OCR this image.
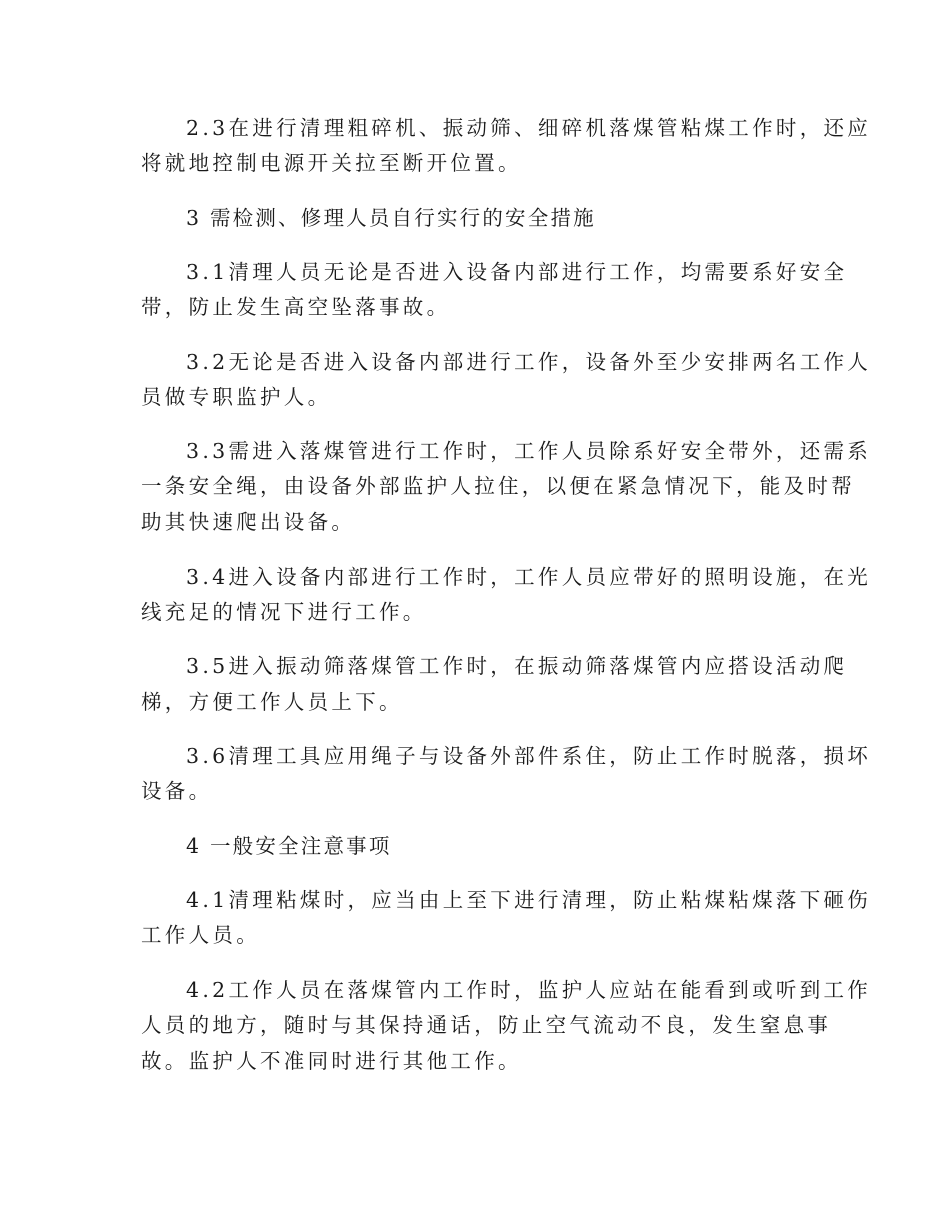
2.3在进行清理粗碎机、振动筛、细碎机落煤管粘煤工作时，还应

将就地控制电源开关拉至断开位置。

3 需检测、修理人员自行实行的安全措施

3.1清理人员无论是否进入设备内部进行工作，均需要系好安全

带，防止发生高空坠落事故。

3.2无论是否进入设备内部进行工作，设备外至少安排两名工作人

员做专职监护人。

3.3需进入落煤管进行工作时，工作人员除系好安全带外，还需系

一条安全绳，由设备外部监护人拉住，以便在紧急情况下，能及时帮

助其快速爬出设备。

3.4进入设备内部进行工作时，工作人员应带好的照明设施，在光

线充足的情况下进行工作。

3.5进入振动筛落煤管工作时，在振动筛落煤管内应搭设活动爬

梯，方便工作人员上下。

3.6清理工具应用绳子与设备外部件系住，防止工作时脱落，损坏

设备。

4 一般安全注意事项

4.1清理粘煤时，应当由上至下进行清理，防止粘煤粘煤落下砸伤

工作人员。

4.2工作人员在落煤管内工作时，监护人应站在能看到或听到工作

人员的地方，随时与其保持通话，防止空气流动不良，发生窒息事

故。监护人不准同时进行其他工作。
